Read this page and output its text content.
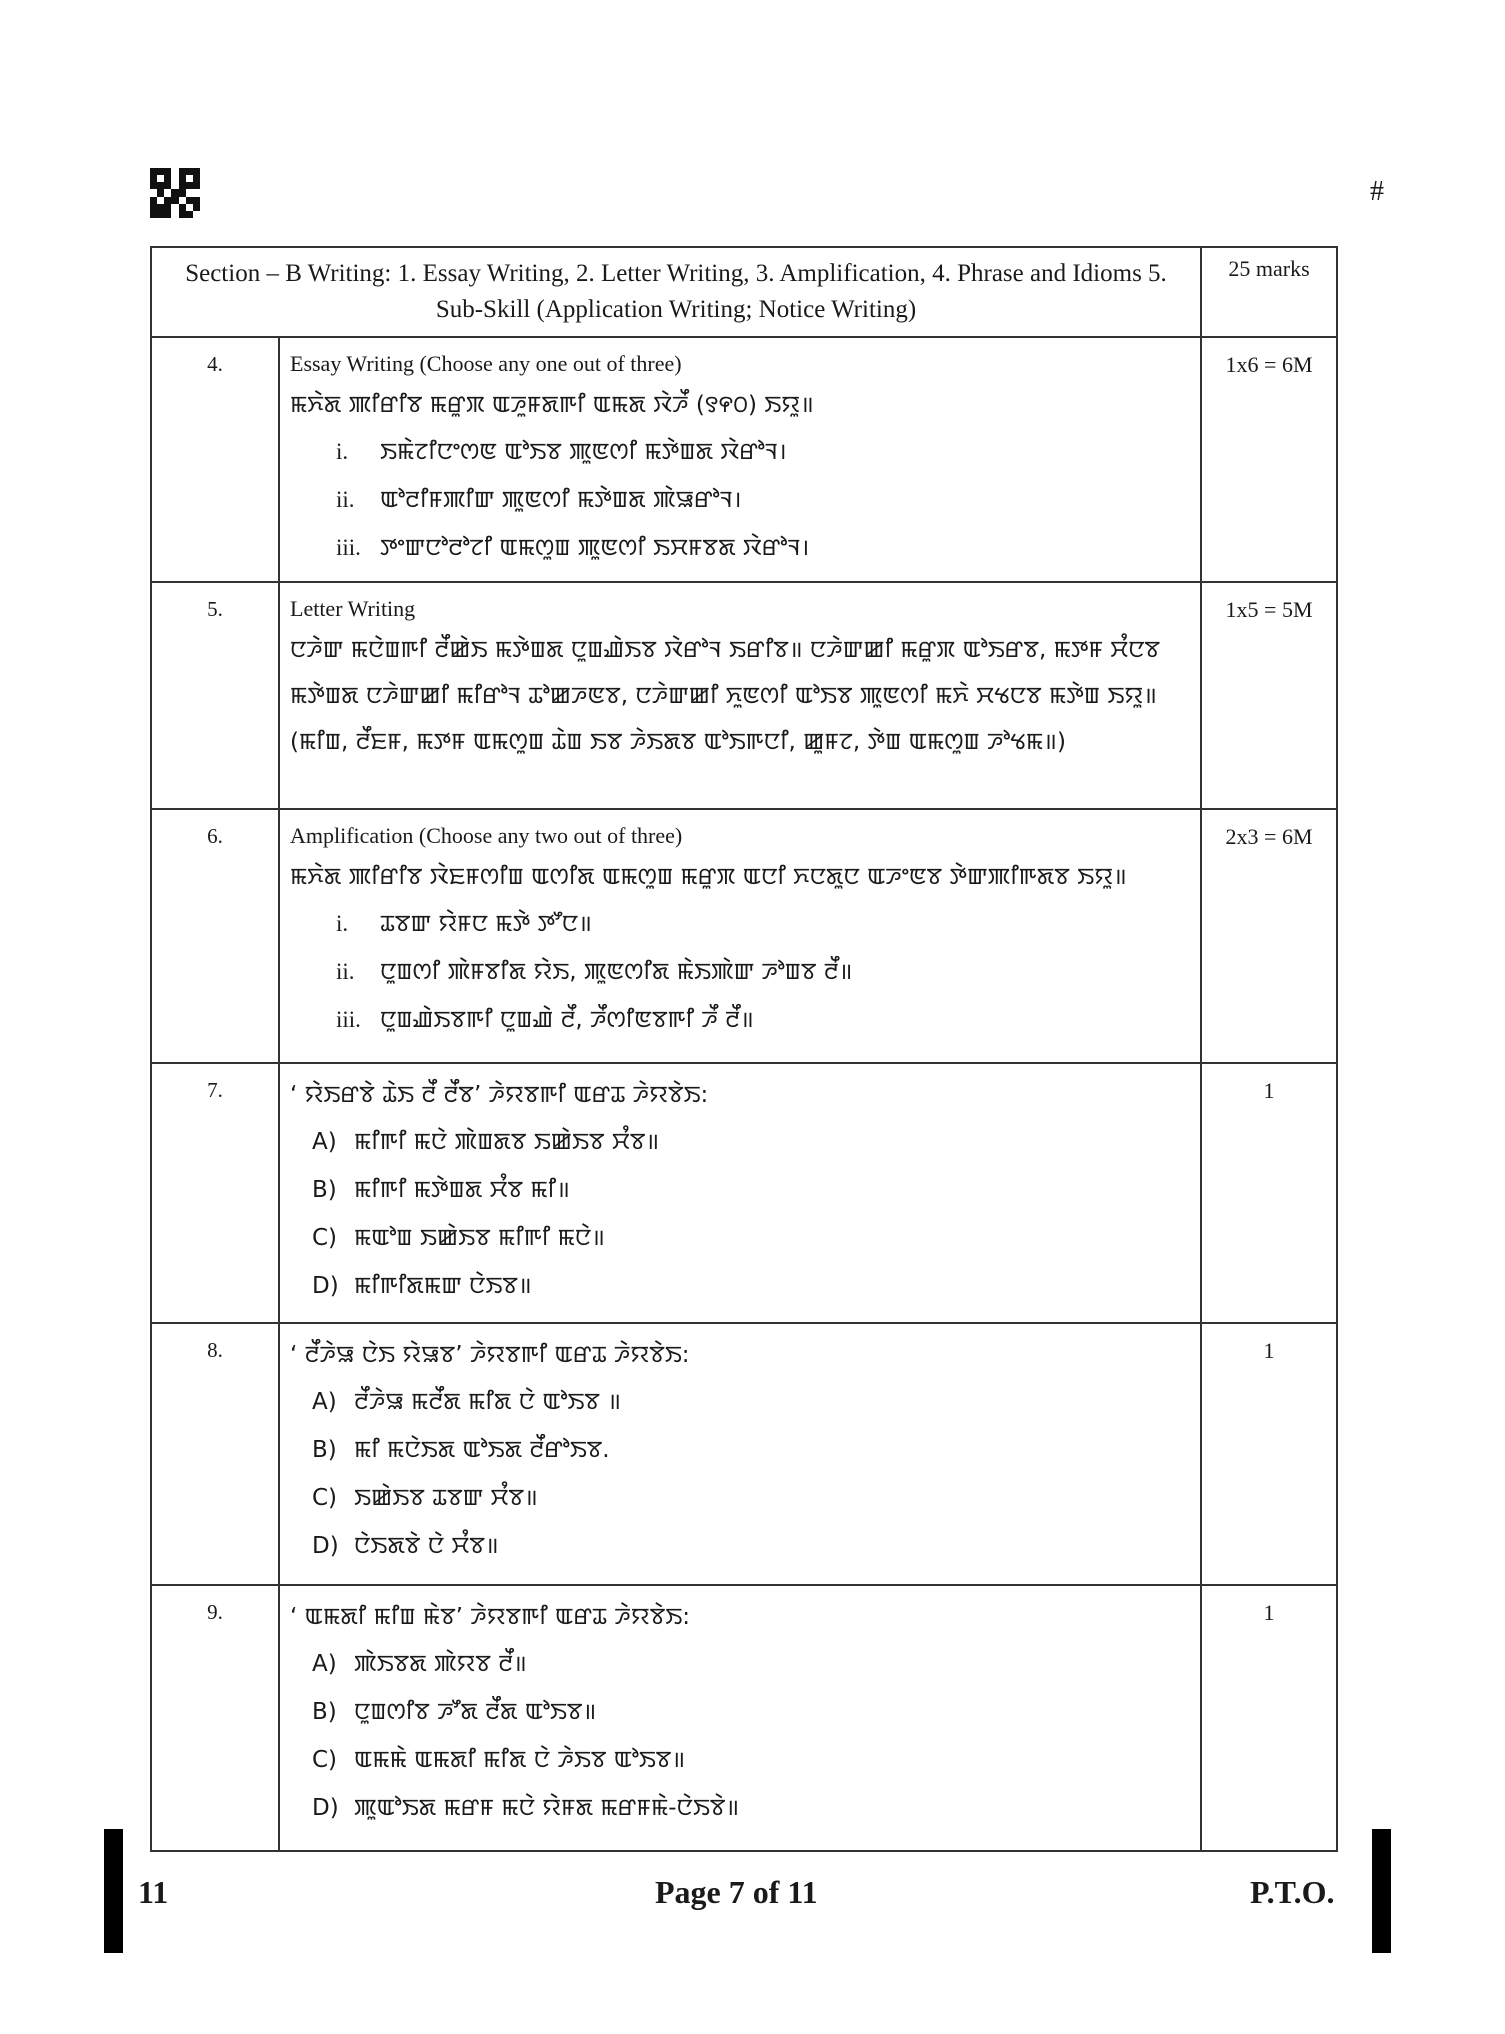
#
Section – B Writing: 1. Essay Writing, 2. Letter Writing, 3. Amplification, 4. Phrase and Idioms 5. Sub-Skill (Application Writing; Notice Writing)		25 marks
4.	Essay Writing (Choose any one out of three)
ꯃꯈꯥꯗ ꯄꯤꯔꯤꯕ ꯃꯔꯨꯞ ꯑꯍꯨꯝꯗꯒꯤ ꯑꯃꯗ ꯋꯥꯍꯩ (꯱꯵꯰) ꯏꯌꯨ॥
i. ꯏꯃꯥꯖꯤꯅꯦꯁꯟ ꯑꯣꯏꯕ ꯄꯨꯟꯁꯤ ꯃꯇꯥꯡꯗ ꯋꯥꯔꯣꯜ।
ii. ꯑꯣꯂꯤꯝꯄꯤꯛ ꯄꯨꯟꯁꯤ ꯃꯇꯥꯡꯗ ꯄꯥꯎꯔꯣꯜ।
iii. ꯇꯦꯛꯅꯣꯂꯣꯖꯤ ꯑꯃꯁꯨꯡ ꯄꯨꯟꯁꯤ ꯏꯆꯝꯕꯗ ꯋꯥꯔꯣꯜ।	1x6 = 6M
5.	Letter Writing
ꯅꯍꯥꯛ ꯃꯅꯥꯡꯒꯤ ꯂꯩꯀꯥꯏ ꯃꯇꯥꯡꯗ ꯅꯨꯡꯉꯥꯏꯕ ꯋꯥꯔꯣꯜ ꯏꯔꯤꯕ॥ ꯅꯍꯥꯛꯀꯤ ꯃꯔꯨꯞ ꯑꯣꯏꯔꯕ, ꯃꯇꯝ ꯆꯪꯅꯕ ꯃꯇꯥꯡꯗ ꯅꯍꯥꯛꯀꯤ ꯃꯤꯔꯣꯜ ꯊꯣꯀꯍꯟꯕ, ꯅꯍꯥꯛꯀꯤ ꯈꯨꯟꯁꯤ ꯑꯣꯏꯕ ꯄꯨꯟꯁꯤ ꯃꯈꯥ ꯆꯠꯅꯕ ꯃꯇꯥꯡ ꯏꯌꯨ॥ (ꯃꯤꯡ, ꯂꯩꯐꯝ, ꯃꯇꯝ ꯑꯃꯁꯨꯡ ꯊꯥꯡ ꯏꯕ ꯍꯥꯏꯗꯕ ꯑꯣꯏꯒꯅꯤ, ꯀꯨꯝꯖ, ꯇꯥꯡ ꯑꯃꯁꯨꯡ ꯍꯣꯠꯃ॥)	1x5 = 5M
6.	Amplification (Choose any two out of three)
ꯃꯈꯥꯗ ꯄꯤꯔꯤꯕ ꯋꯥꯐꯝꯁꯤꯡ ꯑꯁꯤꯗ ꯑꯃꯁꯨꯡ ꯃꯔꯨꯞ ꯑꯅꯤ ꯈꯅꯗꯨꯅ ꯑꯍꯦꯟꯕ ꯇꯥꯛꯄꯤꯒꯗꯕ ꯏꯌꯨ॥
i. ꯊꯕꯛ ꯌꯥꯝꯅ ꯃꯇꯥ ꯇꯧꯅ॥
ii. ꯅꯨꯡꯁꯤ ꯄꯥꯝꯕꯤꯗ ꯌꯥꯏ, ꯄꯨꯟꯁꯤꯗ ꯃꯥꯏꯄꯥꯛ ꯍꯣꯡꯕ ꯂꯩ॥
iii. ꯅꯨꯡꯉꯥꯏꯕꯒꯤ ꯅꯨꯡꯉꯥ ꯂꯩ, ꯍꯩꯁꯤꯟꯕꯒꯤ ꯍꯩ ꯂꯩ॥	2x3 = 6M
7.	‘ ꯌꯥꯏꯔꯕꯥ ꯊꯥꯏ ꯂꯩ ꯂꯩꯕ’ ꯍꯥꯌꯕꯒꯤ ꯑꯔꯊ ꯍꯥꯌꯕꯥꯏ:
A) ꯃꯤꯒꯤ ꯃꯅꯥ ꯄꯥꯡꯗꯕ ꯏꯀꯥꯏꯕ ꯆꯪꯕ॥
B) ꯃꯤꯒꯤ ꯃꯇꯥꯡꯗ ꯆꯪꯕ ꯃꯤ॥
C) ꯃꯑꯣꯡ ꯏꯀꯥꯏꯕ ꯃꯤꯒꯤ ꯃꯅꯥ॥
D) ꯃꯤꯒꯤꯗꯃꯛ ꯅꯥꯏꯕ॥	1
8.	‘ ꯂꯩꯍꯥꯎ ꯅꯥꯏ ꯌꯥꯎꯕ’ ꯍꯥꯌꯕꯒꯤ ꯑꯔꯊ ꯍꯥꯌꯕꯥꯏ:
A) ꯂꯩꯍꯥꯎ ꯃꯂꯩꯗ ꯃꯤꯗ ꯅꯥ ꯑꯣꯏꯕ ॥
B) ꯃꯤ ꯃꯅꯥꯏꯗ ꯑꯣꯏꯗ ꯂꯩꯔꯣꯏꯕ.
C) ꯏꯀꯥꯏꯕ ꯊꯕꯛ ꯆꯪꯕ॥
D) ꯅꯥꯏꯗꯕꯥ ꯅꯥ ꯆꯪꯕ॥	1
9.	‘ ꯑꯃꯗꯤ ꯃꯤꯡ ꯃꯥꯕ’ ꯍꯥꯌꯕꯒꯤ ꯑꯔꯊ ꯍꯥꯌꯕꯥꯏ:
A) ꯄꯥꯏꯕꯗ ꯄꯥꯌꯕ ꯂꯩ॥
B) ꯅꯨꯡꯁꯤꯕ ꯍꯧꯗ ꯂꯩꯗ ꯑꯣꯏꯕ॥
C) ꯑꯃꯃꯥ ꯑꯃꯗꯤ ꯃꯤꯗ ꯅꯥ ꯍꯥꯏꯕ ꯑꯣꯏꯕ॥
D) ꯄꯨꯑꯣꯏꯗ ꯃꯔꯝ ꯃꯅꯥ ꯌꯥꯝꯗ ꯃꯔꯝꯃꯥ-ꯅꯥꯏꯕꯥ॥	1
11	Page 7 of 11	P.T.O.
